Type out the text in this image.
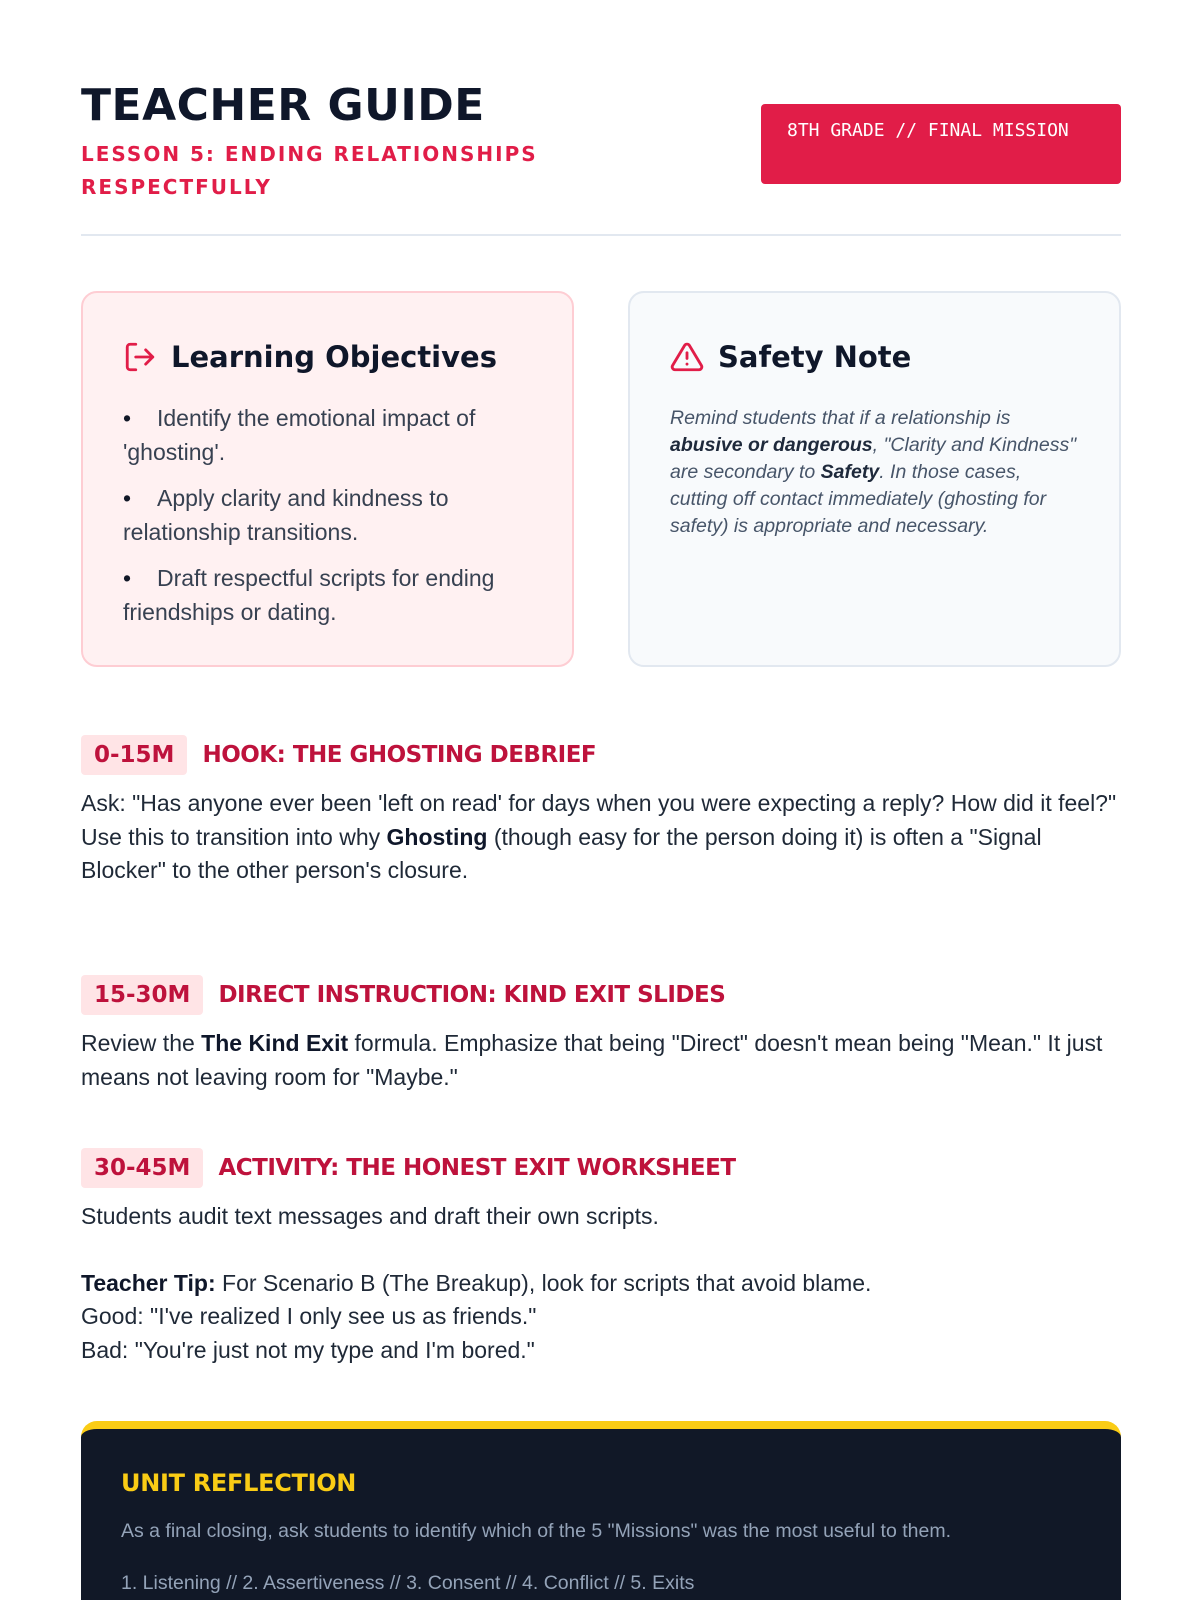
TEACHER GUIDE
LESSON 5: ENDING RELATIONSHIPS RESPECTFULLY
8TH GRADE // FINAL MISSION
Learning Objectives
• Identify the emotional impact of 'ghosting'.
• Apply clarity and kindness to relationship transitions.
• Draft respectful scripts for ending friendships or dating.
Safety Note

Remind students that if a relationship is abusive or dangerous, "Clarity and Kindness" are secondary to Safety. In those cases, cutting off contact immediately (ghosting for safety) is appropriate and necessary.

0-15M	HOOK: THE GHOSTING DEBRIEF
Ask: "Has anyone ever been 'left on read' for days when you were expecting a reply? How did it feel?"
Use this to transition into why Ghosting (though easy for the person doing it) is often a "Signal Blocker" to the other person's closure.
15-30M	DIRECT INSTRUCTION: KIND EXIT SLIDES
Review the The Kind Exit formula. Emphasize that being "Direct" doesn't mean being "Mean." It just means not leaving room for "Maybe."
30-45M	ACTIVITY: THE HONEST EXIT WORKSHEET
Students audit text messages and draft their own scripts.
Teacher Tip: For Scenario B (The Breakup), look for scripts that avoid blame.
Good: "I've realized I only see us as friends."
Bad: "You're just not my type and I'm bored."
UNIT REFLECTION

As a final closing, ask students to identify which of the 5 "Missions" was the most useful to them.

1. Listening // 2. Assertiveness // 3. Consent // 4. Conflict // 5. Exits
